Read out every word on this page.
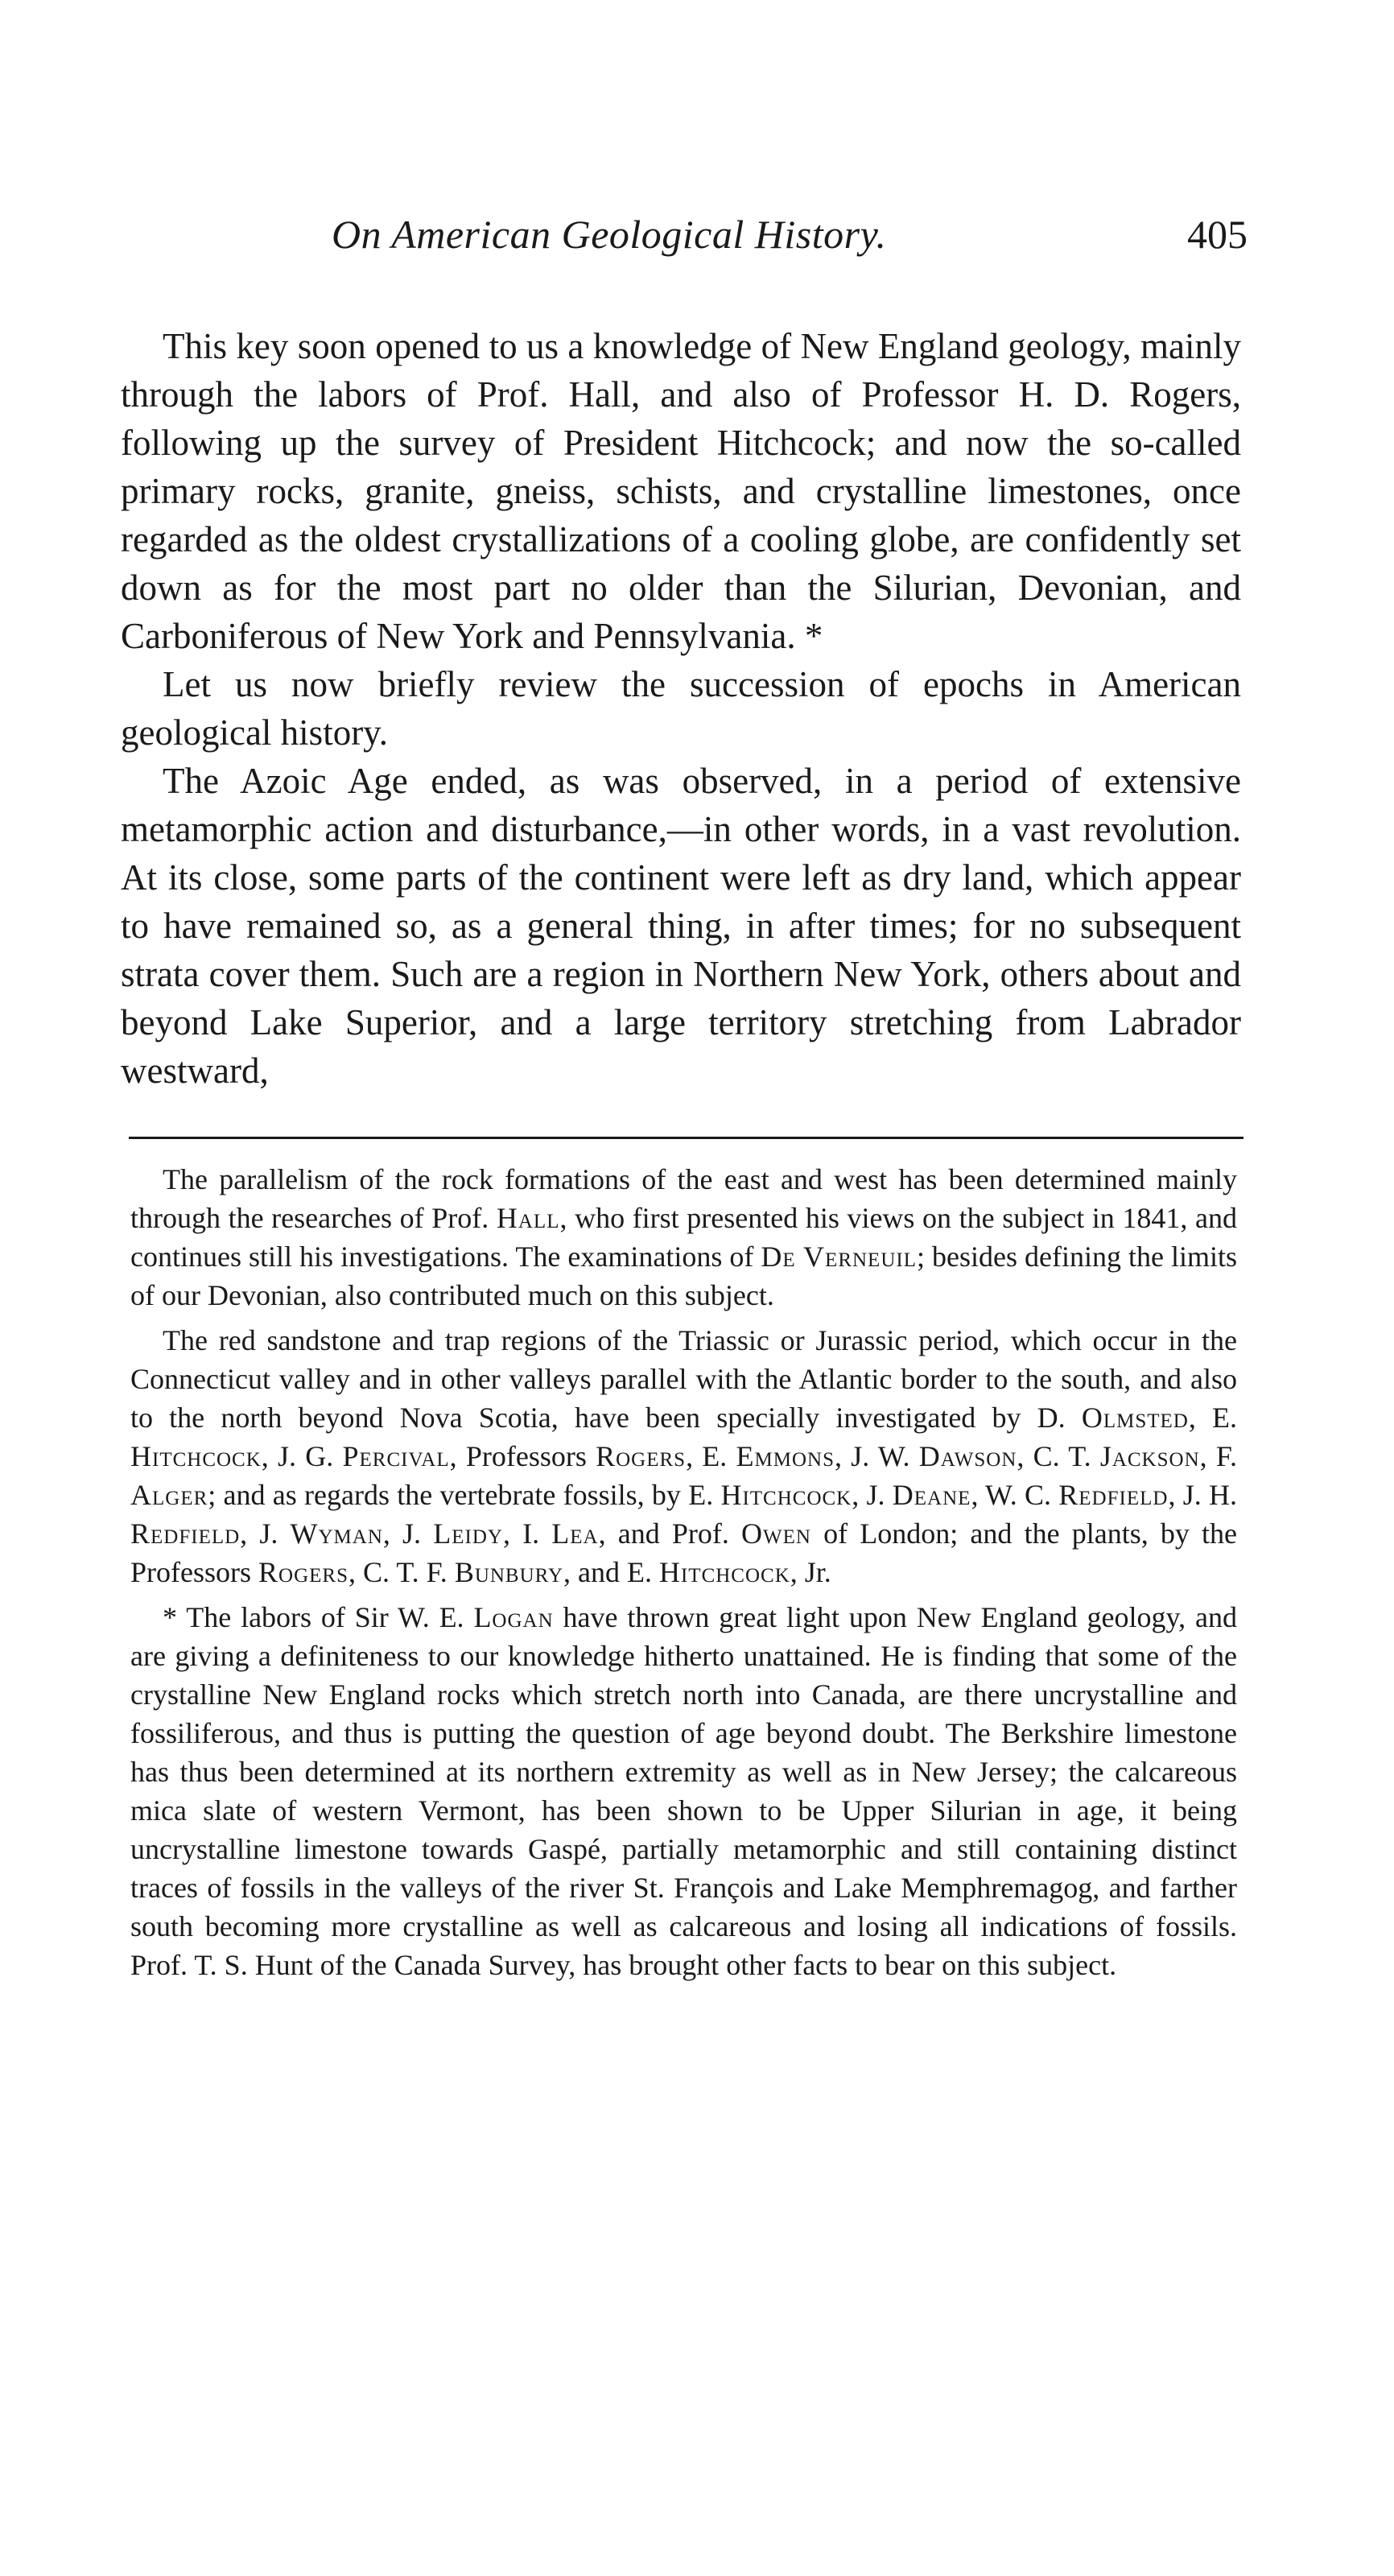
On American Geological History.	405

This key soon opened to us a knowledge of New England geology, mainly through the labors of Prof. Hall, and also of Professor H. D. Rogers, following up the survey of President Hitchcock; and now the so-called primary rocks, granite, gneiss, schists, and crystalline limestones, once regarded as the oldest crystallizations of a cooling globe, are confidently set down as for the most part no older than the Silurian, Devonian, and Carboniferous of New York and Pennsylvania. *

Let us now briefly review the succession of epochs in American geological history.

The Azoic Age ended, as was observed, in a period of extensive metamorphic action and disturbance,—in other words, in a vast revolution. At its close, some parts of the continent were left as dry land, which appear to have remained so, as a general thing, in after times; for no subsequent strata cover them. Such are a region in Northern New York, others about and beyond Lake Superior, and a large territory stretching from Labrador westward,

The parallelism of the rock formations of the east and west has been determined mainly through the researches of Prof. Hall, who first presented his views on the subject in 1841, and continues still his investigations. The examinations of De Verneuil; besides defining the limits of our Devonian, also contributed much on this subject.

The red sandstone and trap regions of the Triassic or Jurassic period, which occur in the Connecticut valley and in other valleys parallel with the Atlantic border to the south, and also to the north beyond Nova Scotia, have been specially investigated by D. Olmsted, E. Hitchcock, J. G. Percival, Professors Rogers, E. Emmons, J. W. Dawson, C. T. Jackson, F. Alger; and as regards the vertebrate fossils, by E. Hitchcock, J. Deane, W. C. Redfield, J. H. Redfield, J. Wyman, J. Leidy, I. Lea, and Prof. Owen of London; and the plants, by the Professors Rogers, C. T. F. Bunbury, and E. Hitchcock, Jr.

* The labors of Sir W. E. Logan have thrown great light upon New England geology, and are giving a definiteness to our knowledge hitherto unattained. He is finding that some of the crystalline New England rocks which stretch north into Canada, are there uncrystalline and fossiliferous, and thus is putting the question of age beyond doubt. The Berkshire limestone has thus been determined at its northern extremity as well as in New Jersey; the calcareous mica slate of western Vermont, has been shown to be Upper Silurian in age, it being uncrystalline limestone towards Gaspé, partially metamorphic and still containing distinct traces of fossils in the valleys of the river St. François and Lake Memphremagog, and farther south becoming more crystalline as well as calcareous and losing all indications of fossils. Prof. T. S. Hunt of the Canada Survey, has brought other facts to bear on this subject.
